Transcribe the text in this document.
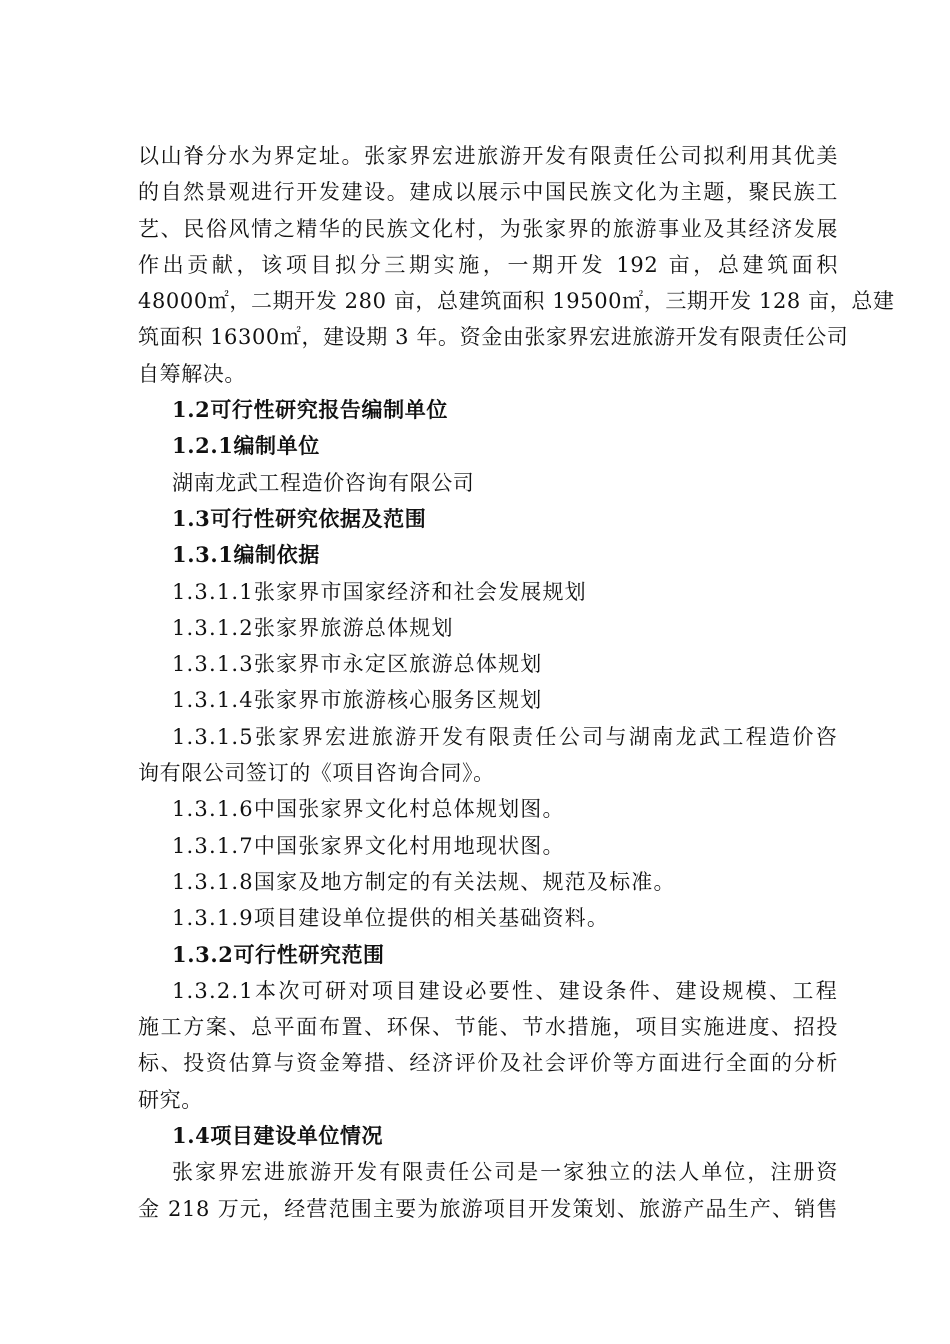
以山脊分水为界定址。张家界宏进旅游开发有限责任公司拟利用其优美
的自然景观进行开发建设。建成以展示中国民族文化为主题，聚民族工
艺、民俗风情之精华的民族文化村，为张家界的旅游事业及其经济发展
作出贡献，该项目拟分三期实施，一期开发 192 亩，总建筑面积
48000㎡，二期开发 280 亩，总建筑面积 19500㎡，三期开发 128 亩，总建
筑面积 16300㎡，建设期 3 年。资金由张家界宏进旅游开发有限责任公司
自筹解决。
1.2可行性研究报告编制单位
1.2.1编制单位
湖南龙武工程造价咨询有限公司
1.3可行性研究依据及范围
1.3.1编制依据
1.3.1.1张家界市国家经济和社会发展规划
1.3.1.2张家界旅游总体规划
1.3.1.3张家界市永定区旅游总体规划
1.3.1.4张家界市旅游核心服务区规划
1.3.1.5张家界宏进旅游开发有限责任公司与湖南龙武工程造价咨
询有限公司签订的《项目咨询合同》。
1.3.1.6中国张家界文化村总体规划图。
1.3.1.7中国张家界文化村用地现状图。
1.3.1.8国家及地方制定的有关法规、规范及标准。
1.3.1.9项目建设单位提供的相关基础资料。
1.3.2可行性研究范围
1.3.2.1本次可研对项目建设必要性、建设条件、建设规模、工程
施工方案、总平面布置、环保、节能、节水措施，项目实施进度、招投
标、投资估算与资金筹措、经济评价及社会评价等方面进行全面的分析
研究。
1.4项目建设单位情况
张家界宏进旅游开发有限责任公司是一家独立的法人单位，注册资
金 218 万元，经营范围主要为旅游项目开发策划、旅游产品生产、销售
